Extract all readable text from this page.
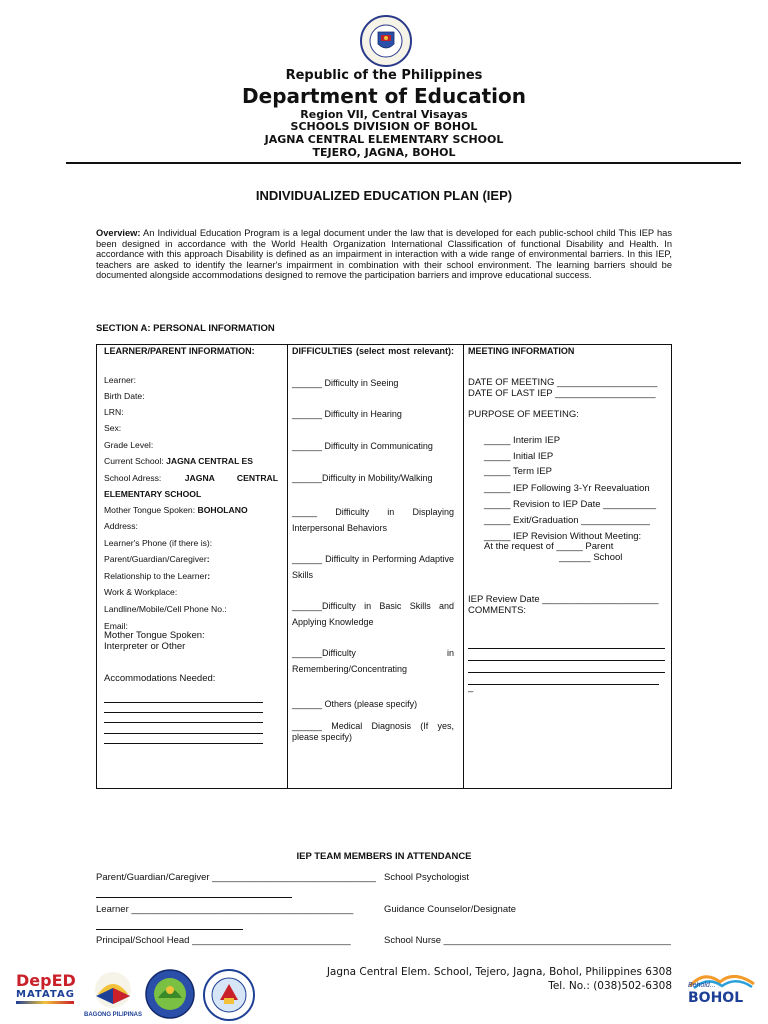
Republic of the Philippines
Department of Education
Region VII, Central Visayas
SCHOOLS DIVISION OF BOHOL
JAGNA CENTRAL ELEMENTARY SCHOOL
TEJERO, JAGNA, BOHOL
INDIVIDUALIZED EDUCATION PLAN (IEP)
Overview: An Individual Education Program is a legal document under the law that is developed for each public-school child This IEP has been designed in accordance with the World Health Organization International Classification of functional Disability and Health. In accordance with this approach Disability is defined as an impairment in interaction with a wide range of environmental barriers. In this IEP, teachers are asked to identify the learner's impairment in combination with their school environment. The learning barriers should be documented alongside accommodations designed to remove the participation barriers and improve educational success.
SECTION A: PERSONAL INFORMATION
LEARNER/PARENT INFORMATION:
Learner:
Birth Date:
LRN:
Sex:
Grade Level:
Current School: JAGNA CENTRAL ES
School Adress:	JAGNA CENTRAL
ELEMENTARY SCHOOL
Mother Tongue Spoken: BOHOLANO
Address:
Learner's Phone (if there is):
Parent/Guardian/Caregiver:
Relationship to the Learner:
Work & Workplace:
Landline/Mobile/Cell Phone No.:
Email:
Mother Tongue Spoken:
Interpreter or Other
Accommodations Needed:
DIFFICULTIES (select most relevant):
______ Difficulty in Seeing
______ Difficulty in Hearing
______ Difficulty in Communicating
______Difficulty in Mobility/Walking
_____ Difficulty in Displaying Interpersonal Behaviors
______ Difficulty in Performing Adaptive Skills
______Difficulty in Basic Skills and Applying Knowledge
______Difficulty in Remembering/Concentrating
______ Others (please specify)
______ Medical Diagnosis (If yes, please specify)
MEETING INFORMATION
DATE OF MEETING ___________________
DATE OF LAST IEP ___________________
PURPOSE OF MEETING:
_____ Interim IEP
_____ Initial IEP
_____ Term IEP
_____ IEP Following 3-Yr Reevaluation
_____ Revision to IEP Date __________
_____ Exit/Graduation _____________
_____ IEP Revision Without Meeting:
At the request of _____ Parent
______ School
IEP Review Date ______________________
COMMENTS:
–
IEP TEAM MEMBERS IN ATTENDANCE
Parent/Guardian/Caregiver _______________________________
Learner __________________________________________
Principal/School Head ______________________________
School Psychologist
Guidance Counselor/Designate
School Nurse ___________________________________________
DepED
MATATAG
BAGONG PILIPINAS
Jagna Central Elem. School, Tejero, Jagna, Bohol, Philippines 6308
Tel. No.: (038)502-6308 Behold...
BOHOL
